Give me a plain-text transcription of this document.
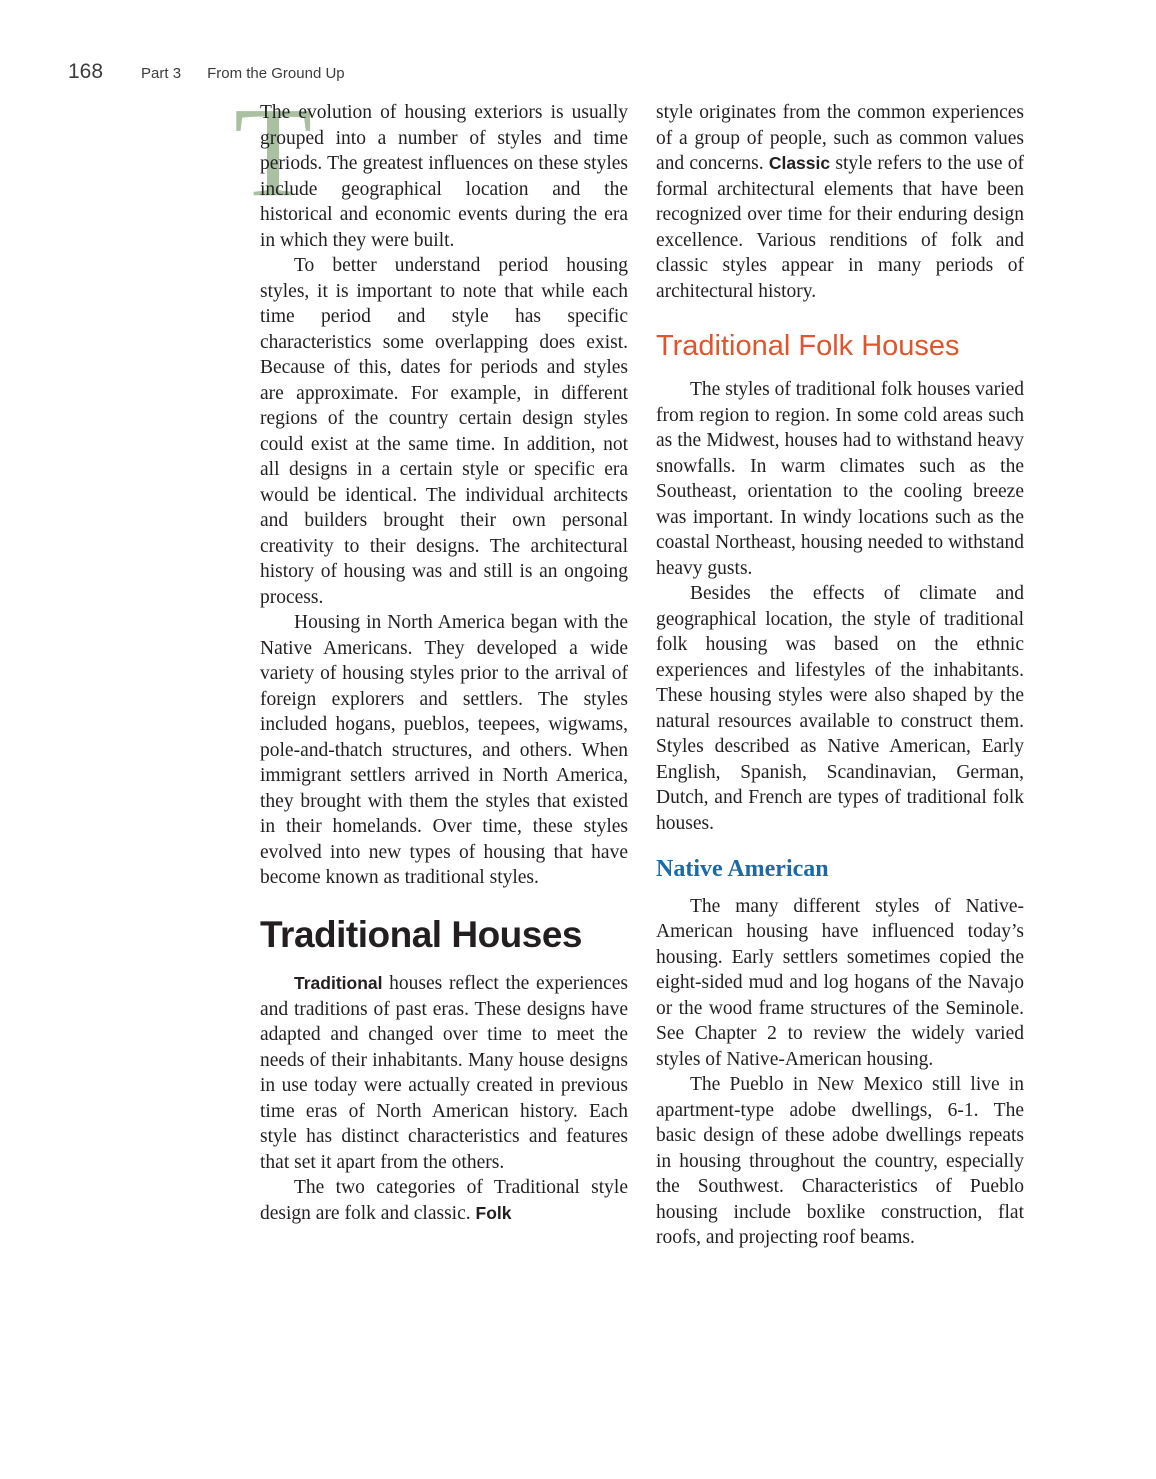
168	Part 3 From the Ground Up
T

The evolution of housing exteriors is usually grouped into a number of styles and time periods. The greatest influences on these styles include geographical location and the historical and economic events during the era in which they were built.

To better understand period housing styles, it is important to note that while each time period and style has specific characteristics some overlapping does exist. Because of this, dates for periods and styles are approximate. For example, in different regions of the country certain design styles could exist at the same time. In addition, not all designs in a certain style or specific era would be identical. The individual architects and builders brought their own personal creativity to their designs. The architectural history of housing was and still is an ongoing process.

Housing in North America began with the Native Americans. They developed a wide variety of housing styles prior to the arrival of foreign explorers and settlers. The styles included hogans, pueblos, teepees, wigwams, pole-and-thatch structures, and others. When immigrant settlers arrived in North America, they brought with them the styles that existed in their homelands. Over time, these styles evolved into new types of housing that have become known as traditional styles.

Traditional Houses

Traditional houses reflect the experiences and traditions of past eras. These designs have adapted and changed over time to meet the needs of their inhabitants. Many house designs in use today were actually created in previous time eras of North American history. Each style has distinct characteristics and features that set it apart from the others.

The two categories of Traditional style design are folk and classic. Folk

style originates from the common experiences of a group of people, such as common values and concerns. Classic style refers to the use of formal architectural elements that have been recognized over time for their enduring design excellence. Various renditions of folk and classic styles appear in many periods of architectural history.

Traditional Folk Houses

The styles of traditional folk houses varied from region to region. In some cold areas such as the Midwest, houses had to withstand heavy snowfalls. In warm climates such as the Southeast, orientation to the cooling breeze was important. In windy locations such as the coastal Northeast, housing needed to withstand heavy gusts.

Besides the effects of climate and geographical location, the style of traditional folk housing was based on the ethnic experiences and lifestyles of the inhabitants. These housing styles were also shaped by the natural resources available to construct them. Styles described as Native American, Early English, Spanish, Scandinavian, German, Dutch, and French are types of traditional folk houses.

Native American

The many different styles of Native-American housing have influenced today’s housing. Early settlers sometimes copied the eight-sided mud and log hogans of the Navajo or the wood frame structures of the Seminole. See Chapter 2 to review the widely varied styles of Native-American housing.

The Pueblo in New Mexico still live in apartment-type adobe dwellings, 6-1. The basic design of these adobe dwellings repeats in housing throughout the country, especially the Southwest. Characteristics of Pueblo housing include boxlike construction, flat roofs, and projecting roof beams.
